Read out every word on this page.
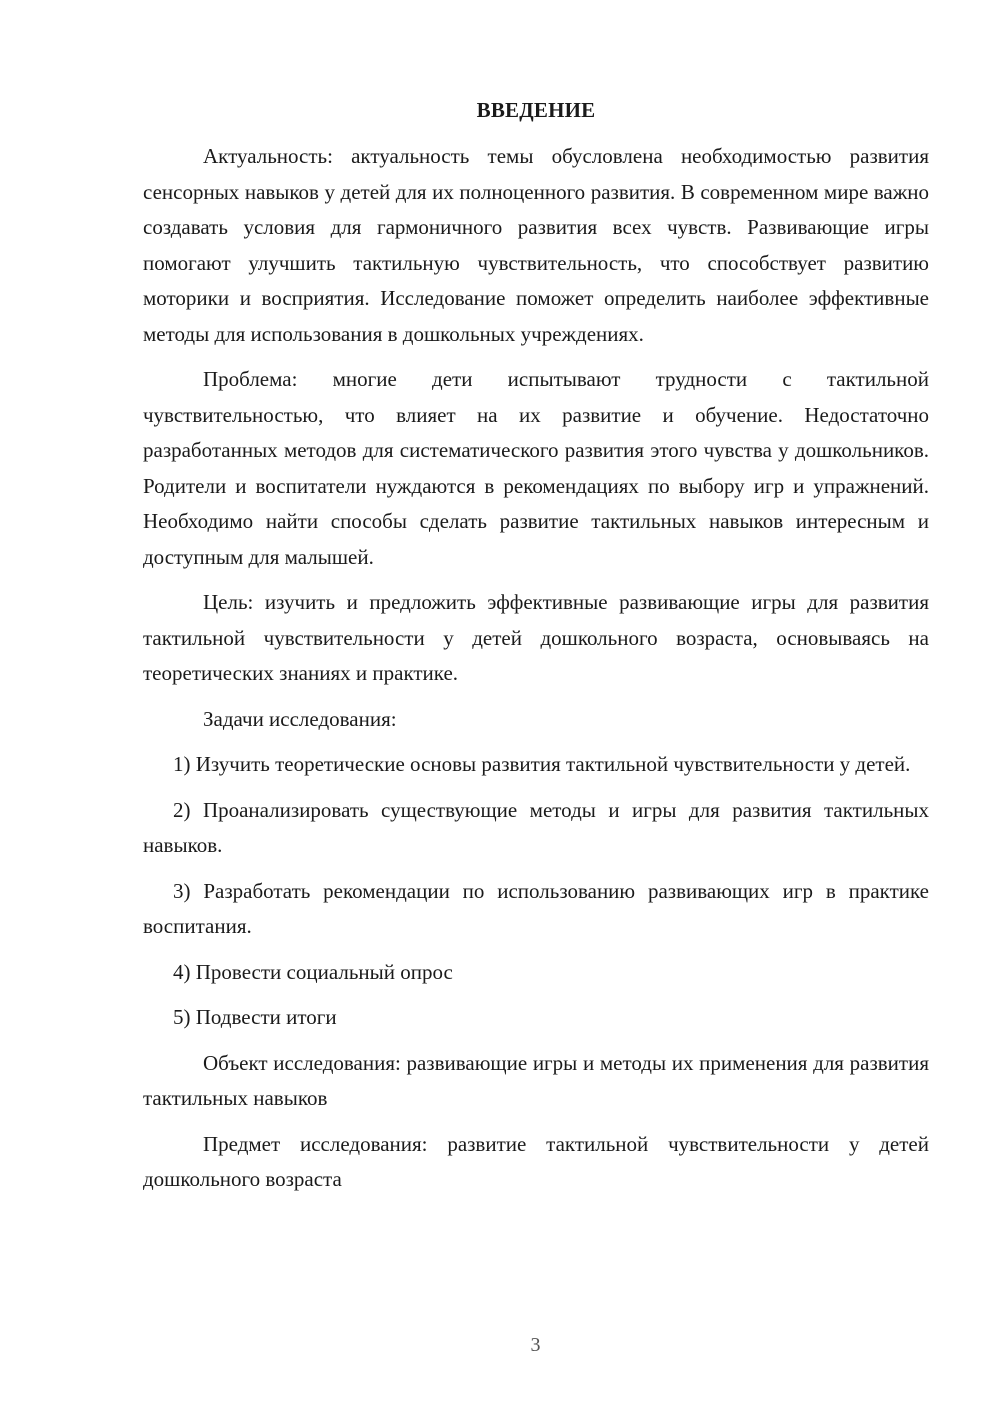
ВВЕДЕНИЕ

Актуальность: актуальность темы обусловлена необходимостью развития сенсорных навыков у детей для их полноценного развития. В современном мире важно создавать условия для гармоничного развития всех чувств. Развивающие игры помогают улучшить тактильную чувствительность, что способствует развитию моторики и восприятия. Исследование поможет определить наиболее эффективные методы для использования в дошкольных учреждениях.

Проблема: многие дети испытывают трудности с тактильной чувствительностью, что влияет на их развитие и обучение. Недостаточно разработанных методов для систематического развития этого чувства у дошкольников. Родители и воспитатели нуждаются в рекомендациях по выбору игр и упражнений. Необходимо найти способы сделать развитие тактильных навыков интересным и доступным для малышей.

Цель: изучить и предложить эффективные развивающие игры для развития тактильной чувствительности у детей дошкольного возраста, основываясь на теоретических знаниях и практике.

Задачи исследования:

1) Изучить теоретические основы развития тактильной чувствительности у детей.

2) Проанализировать существующие методы и игры для развития тактильных навыков.

3) Разработать рекомендации по использованию развивающих игр в практике воспитания.

4) Провести социальный опрос

5) Подвести итоги

Объект исследования: развивающие игры и методы их применения для развития тактильных навыков

Предмет исследования: развитие тактильной чувствительности у детей дошкольного возраста

3
